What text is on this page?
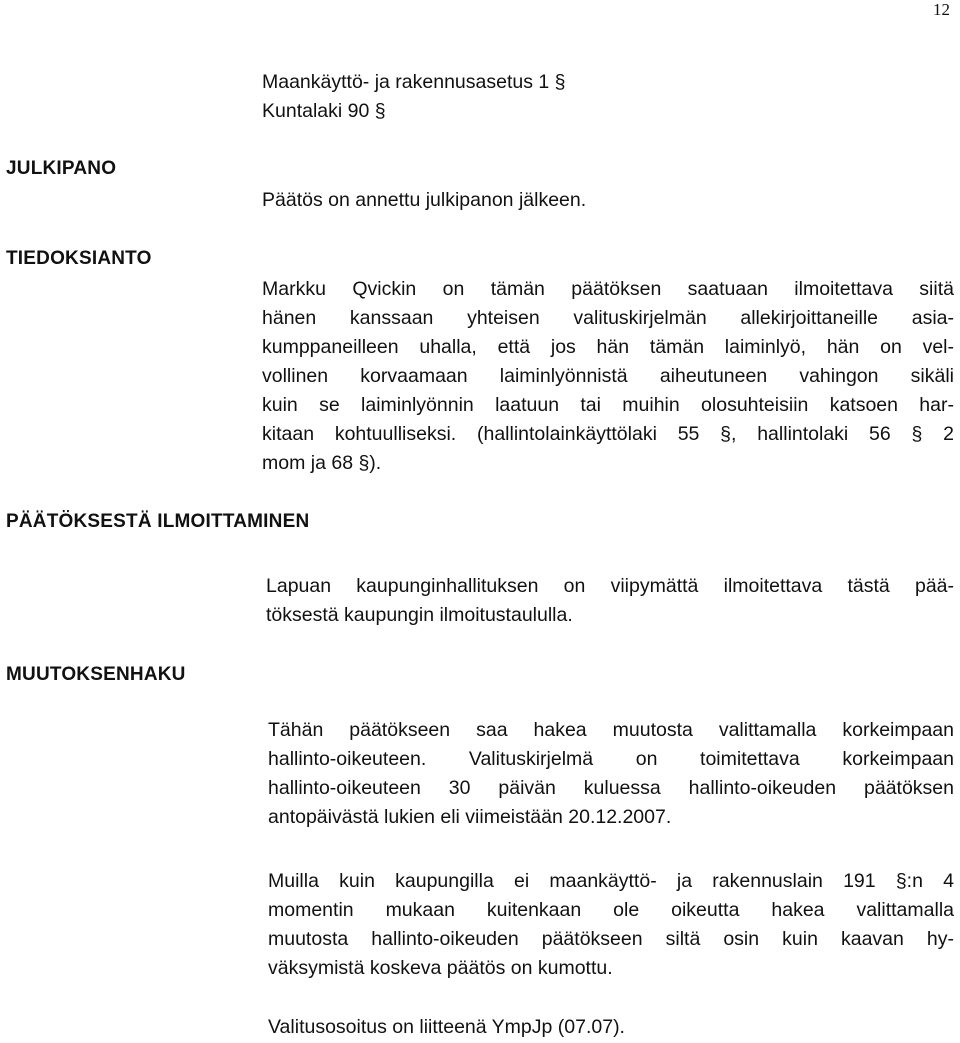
12

Maankäyttö- ja rakennusasetus 1 §

Kuntalaki 90 §

JULKIPANO

Päätös on annettu julkipanon jälkeen.

TIEDOKSIANTO

Markku Qvickin on tämän päätöksen saatuaan ilmoitettava siitä

hänen kanssaan yhteisen valituskirjelmän allekirjoittaneille asia-

kumppaneilleen uhalla, että jos hän tämän laiminlyö, hän on vel-

vollinen korvaamaan laiminlyönnistä aiheutuneen vahingon sikäli

kuin se laiminlyönnin laatuun tai muihin olosuhteisiin katsoen har-

kitaan kohtuulliseksi. (hallintolainkäyttölaki 55 §, hallintolaki 56 § 2

mom ja 68 §).

PÄÄTÖKSESTÄ ILMOITTAMINEN

Lapuan kaupunginhallituksen on viipymättä ilmoitettava tästä pää-

töksestä kaupungin ilmoitustaululla.

MUUTOKSENHAKU

Tähän päätökseen saa hakea muutosta valittamalla korkeimpaan

hallinto-oikeuteen. Valituskirjelmä on toimitettava korkeimpaan

hallinto-oikeuteen 30 päivän kuluessa hallinto-oikeuden päätöksen

antopäivästä lukien eli viimeistään 20.12.2007.

Muilla kuin kaupungilla ei maankäyttö- ja rakennuslain 191 §:n 4

momentin mukaan kuitenkaan ole oikeutta hakea valittamalla

muutosta hallinto-oikeuden päätökseen siltä osin kuin kaavan hy-

väksymistä koskeva päätös on kumottu.

Valitusosoitus on liitteenä YmpJp (07.07).
